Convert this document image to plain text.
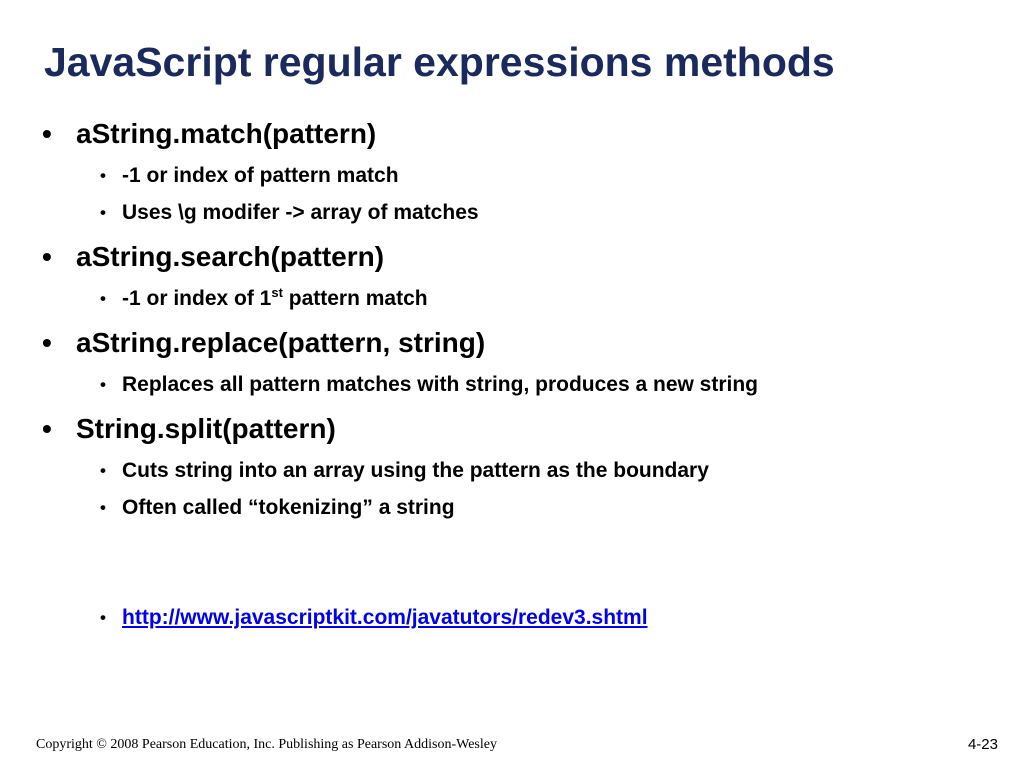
JavaScript regular expressions methods
• aString.match(pattern)
• -1 or index of pattern match
• Uses \g modifer -> array of matches
• aString.search(pattern)
• -1 or index of 1st pattern match
• aString.replace(pattern, string)
• Replaces all pattern matches with string, produces a new string
• String.split(pattern)
• Cuts string into an array using the pattern as the boundary
• Often called “tokenizing” a string
• http://www.javascriptkit.com/javatutors/redev3.shtml
Copyright © 2008 Pearson Education, Inc. Publishing as Pearson Addison-Wesley	4-23
